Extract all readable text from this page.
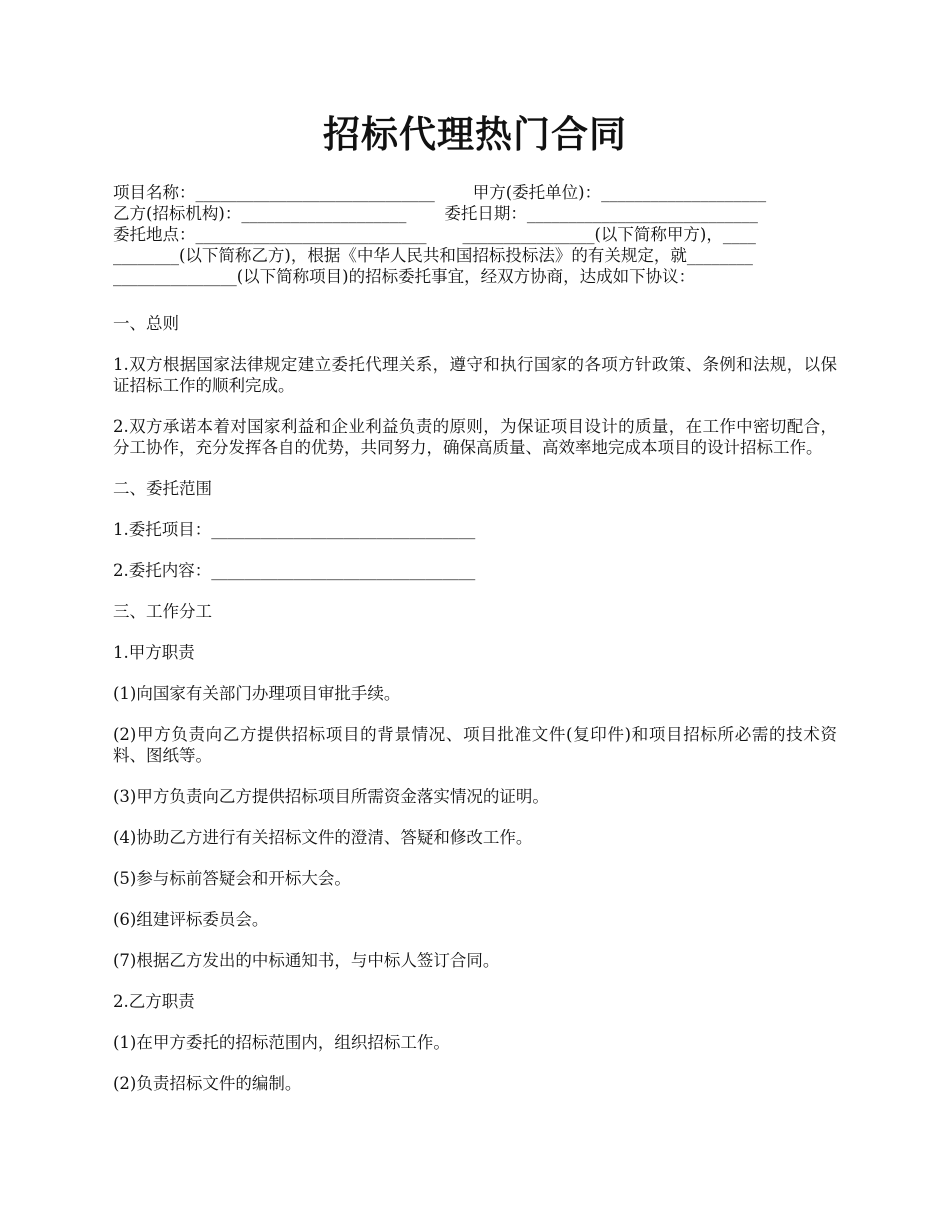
招标代理热门合同
项目名称：_____________________________ 甲方(委托单位)：____________________
乙方(招标机构)：____________________ 委托日期：____________________________
委托地点：____________________________ ________________(以下简称甲方)，____
________(以下简称乙方)，根据《中华人民共和国招标投标法》的有关规定，就________
_______________(以下简称项目)的招标委托事宜，经双方协商，达成如下协议：

一、总则

1.双方根据国家法律规定建立委托代理关系，遵守和执行国家的各项方针政策、条例和法规，以保证招标工作的顺利完成。

2.双方承诺本着对国家利益和企业利益负责的原则，为保证项目设计的质量，在工作中密切配合，分工协作，充分发挥各自的优势，共同努力，确保高质量、高效率地完成本项目的设计招标工作。

二、委托范围

1.委托项目：________________________________

2.委托内容：________________________________

三、工作分工

1.甲方职责

(1)向国家有关部门办理项目审批手续。

(2)甲方负责向乙方提供招标项目的背景情况、项目批准文件(复印件)和项目招标所必需的技术资料、图纸等。

(3)甲方负责向乙方提供招标项目所需资金落实情况的证明。

(4)协助乙方进行有关招标文件的澄清、答疑和修改工作。

(5)参与标前答疑会和开标大会。

(6)组建评标委员会。

(7)根据乙方发出的中标通知书，与中标人签订合同。

2.乙方职责

(1)在甲方委托的招标范围内，组织招标工作。

(2)负责招标文件的编制。
